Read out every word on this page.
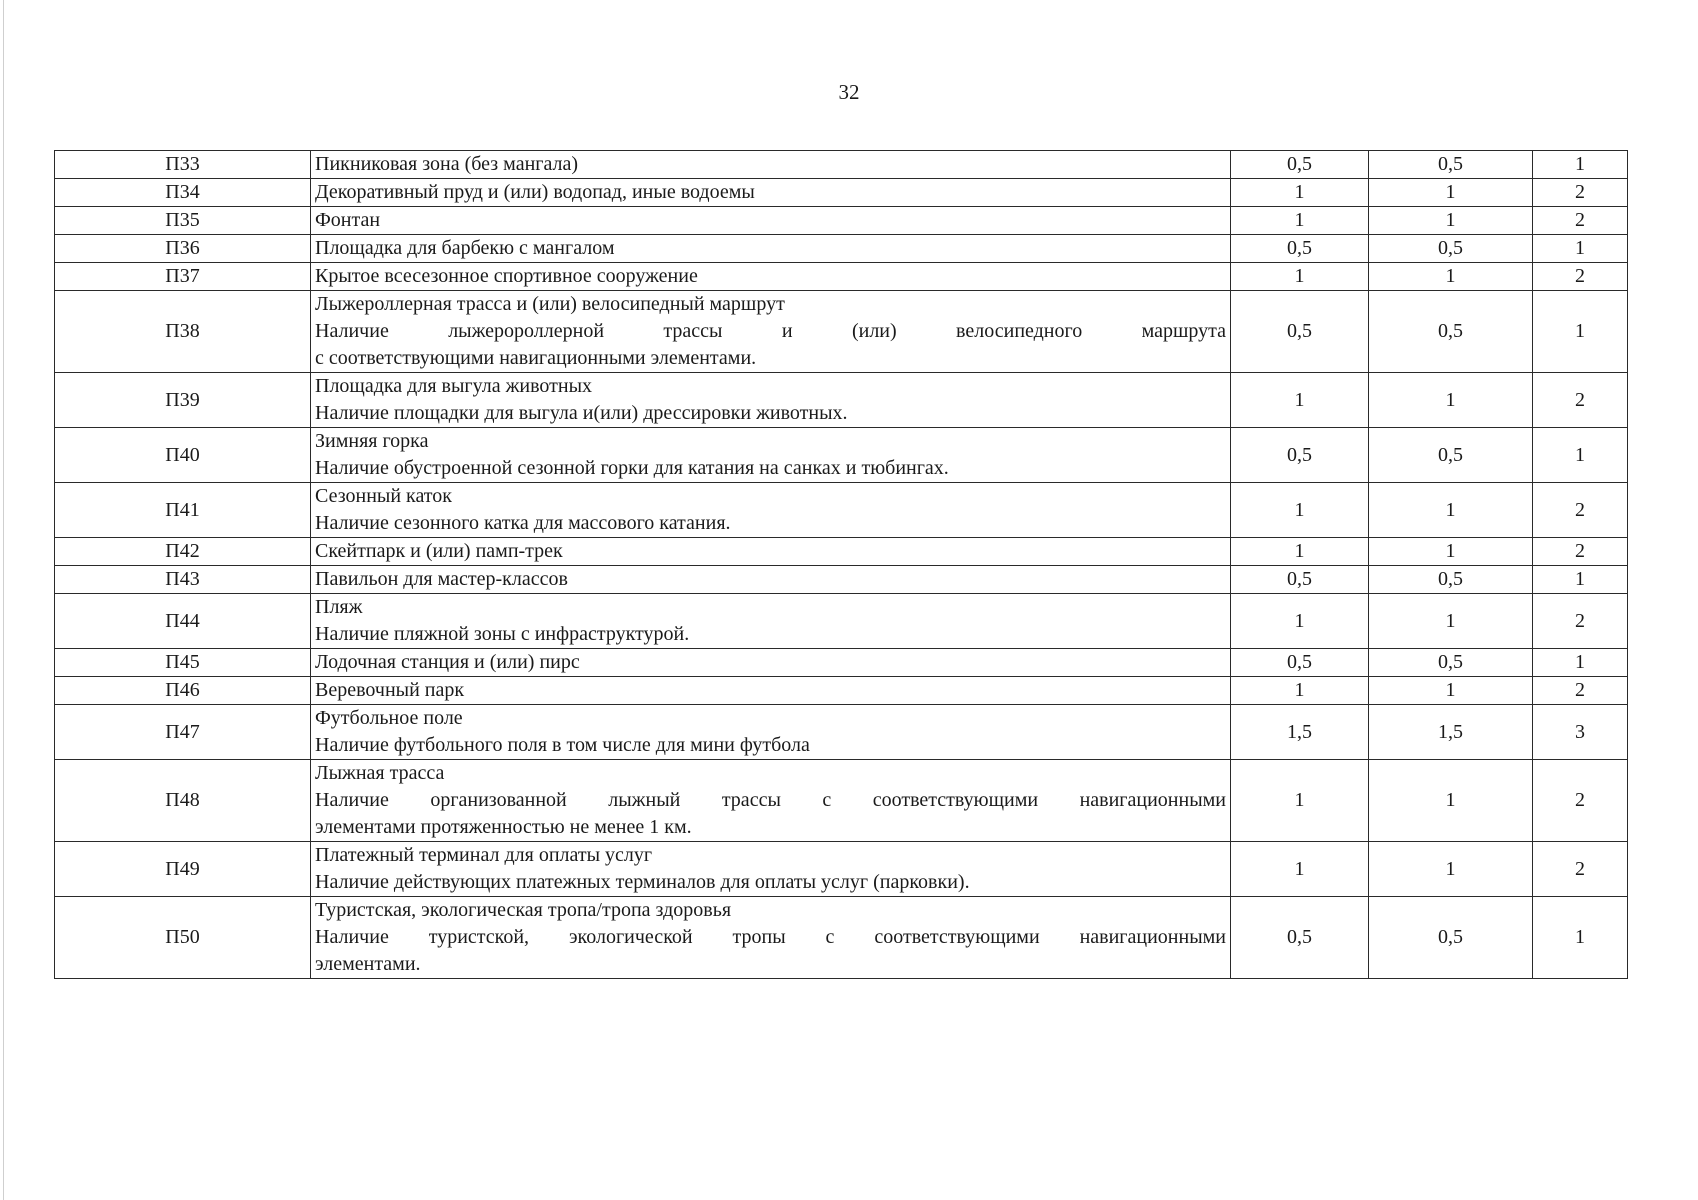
32
П33	Пикниковая зона (без мангала)	0,5	0,5	1
П34	Декоративный пруд и (или) водопад, иные водоемы	1	1	2
П35	Фонтан	1	1	2
П36	Площадка для барбекю с мангалом	0,5	0,5	1
П37	Крытое всесезонное спортивное сооружение	1	1	2
П38	Лыжероллерная трасса и (или) велосипедный маршрут
Наличие лыжеророллерной трассы и (или) велосипедного маршрута
с соответствующими навигационными элементами.	0,5	0,5	1
П39	Площадка для выгула животных
Наличие площадки для выгула и(или) дрессировки животных.	1	1	2
П40	Зимняя горка
Наличие обустроенной сезонной горки для катания на санках и тюбингах.	0,5	0,5	1
П41	Сезонный каток
Наличие сезонного катка для массового катания.	1	1	2
П42	Скейтпарк и (или) памп-трек	1	1	2
П43	Павильон для мастер-классов	0,5	0,5	1
П44	Пляж
Наличие пляжной зоны с инфраструктурой.	1	1	2
П45	Лодочная станция и (или) пирс	0,5	0,5	1
П46	Веревочный парк	1	1	2
П47	Футбольное поле
Наличие футбольного поля в том числе для мини футбола	1,5	1,5	3
П48	Лыжная трасса
Наличие организованной лыжный трассы с соответствующими навигационными
элементами протяженностью не менее 1 км.	1	1	2
П49	Платежный терминал для оплаты услуг
Наличие действующих платежных терминалов для оплаты услуг (парковки).	1	1	2
П50	Туристская, экологическая тропа/тропа здоровья
Наличие туристской, экологической тропы с соответствующими навигационными
элементами.	0,5	0,5	1
